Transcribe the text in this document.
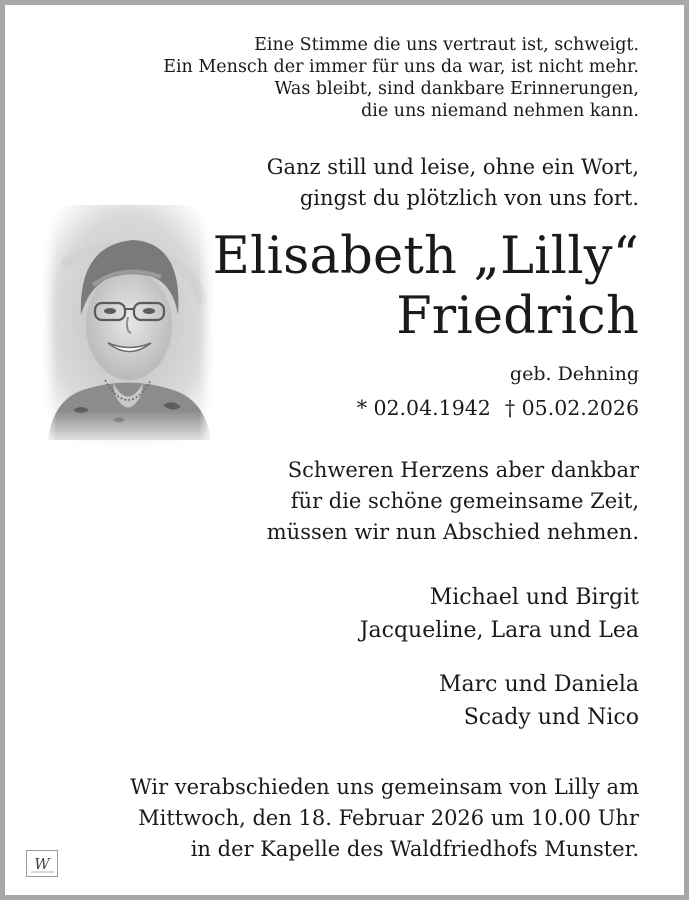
Eine Stimme die uns vertraut ist, schweigt.
Ein Mensch der immer für uns da war, ist nicht mehr.
Was bleibt, sind dankbare Erinnerungen,
die uns niemand nehmen kann.
Ganz still und leise, ohne ein Wort,
gingst du plötzlich von uns fort.
Elisabeth „Lilly“
Friedrich
geb. Dehning
* 02.04.1942 † 05.02.2026
Schweren Herzens aber dankbar
für die schöne gemeinsame Zeit,
müssen wir nun Abschied nehmen.
Michael und Birgit
Jacqueline, Lara und Lea
Marc und Daniela
Scady und Nico
Wir verabschieden uns gemeinsam von Lilly am
Mittwoch, den 18. Februar 2026 um 10.00 Uhr
in der Kapelle des Waldfriedhofs Munster.
W
